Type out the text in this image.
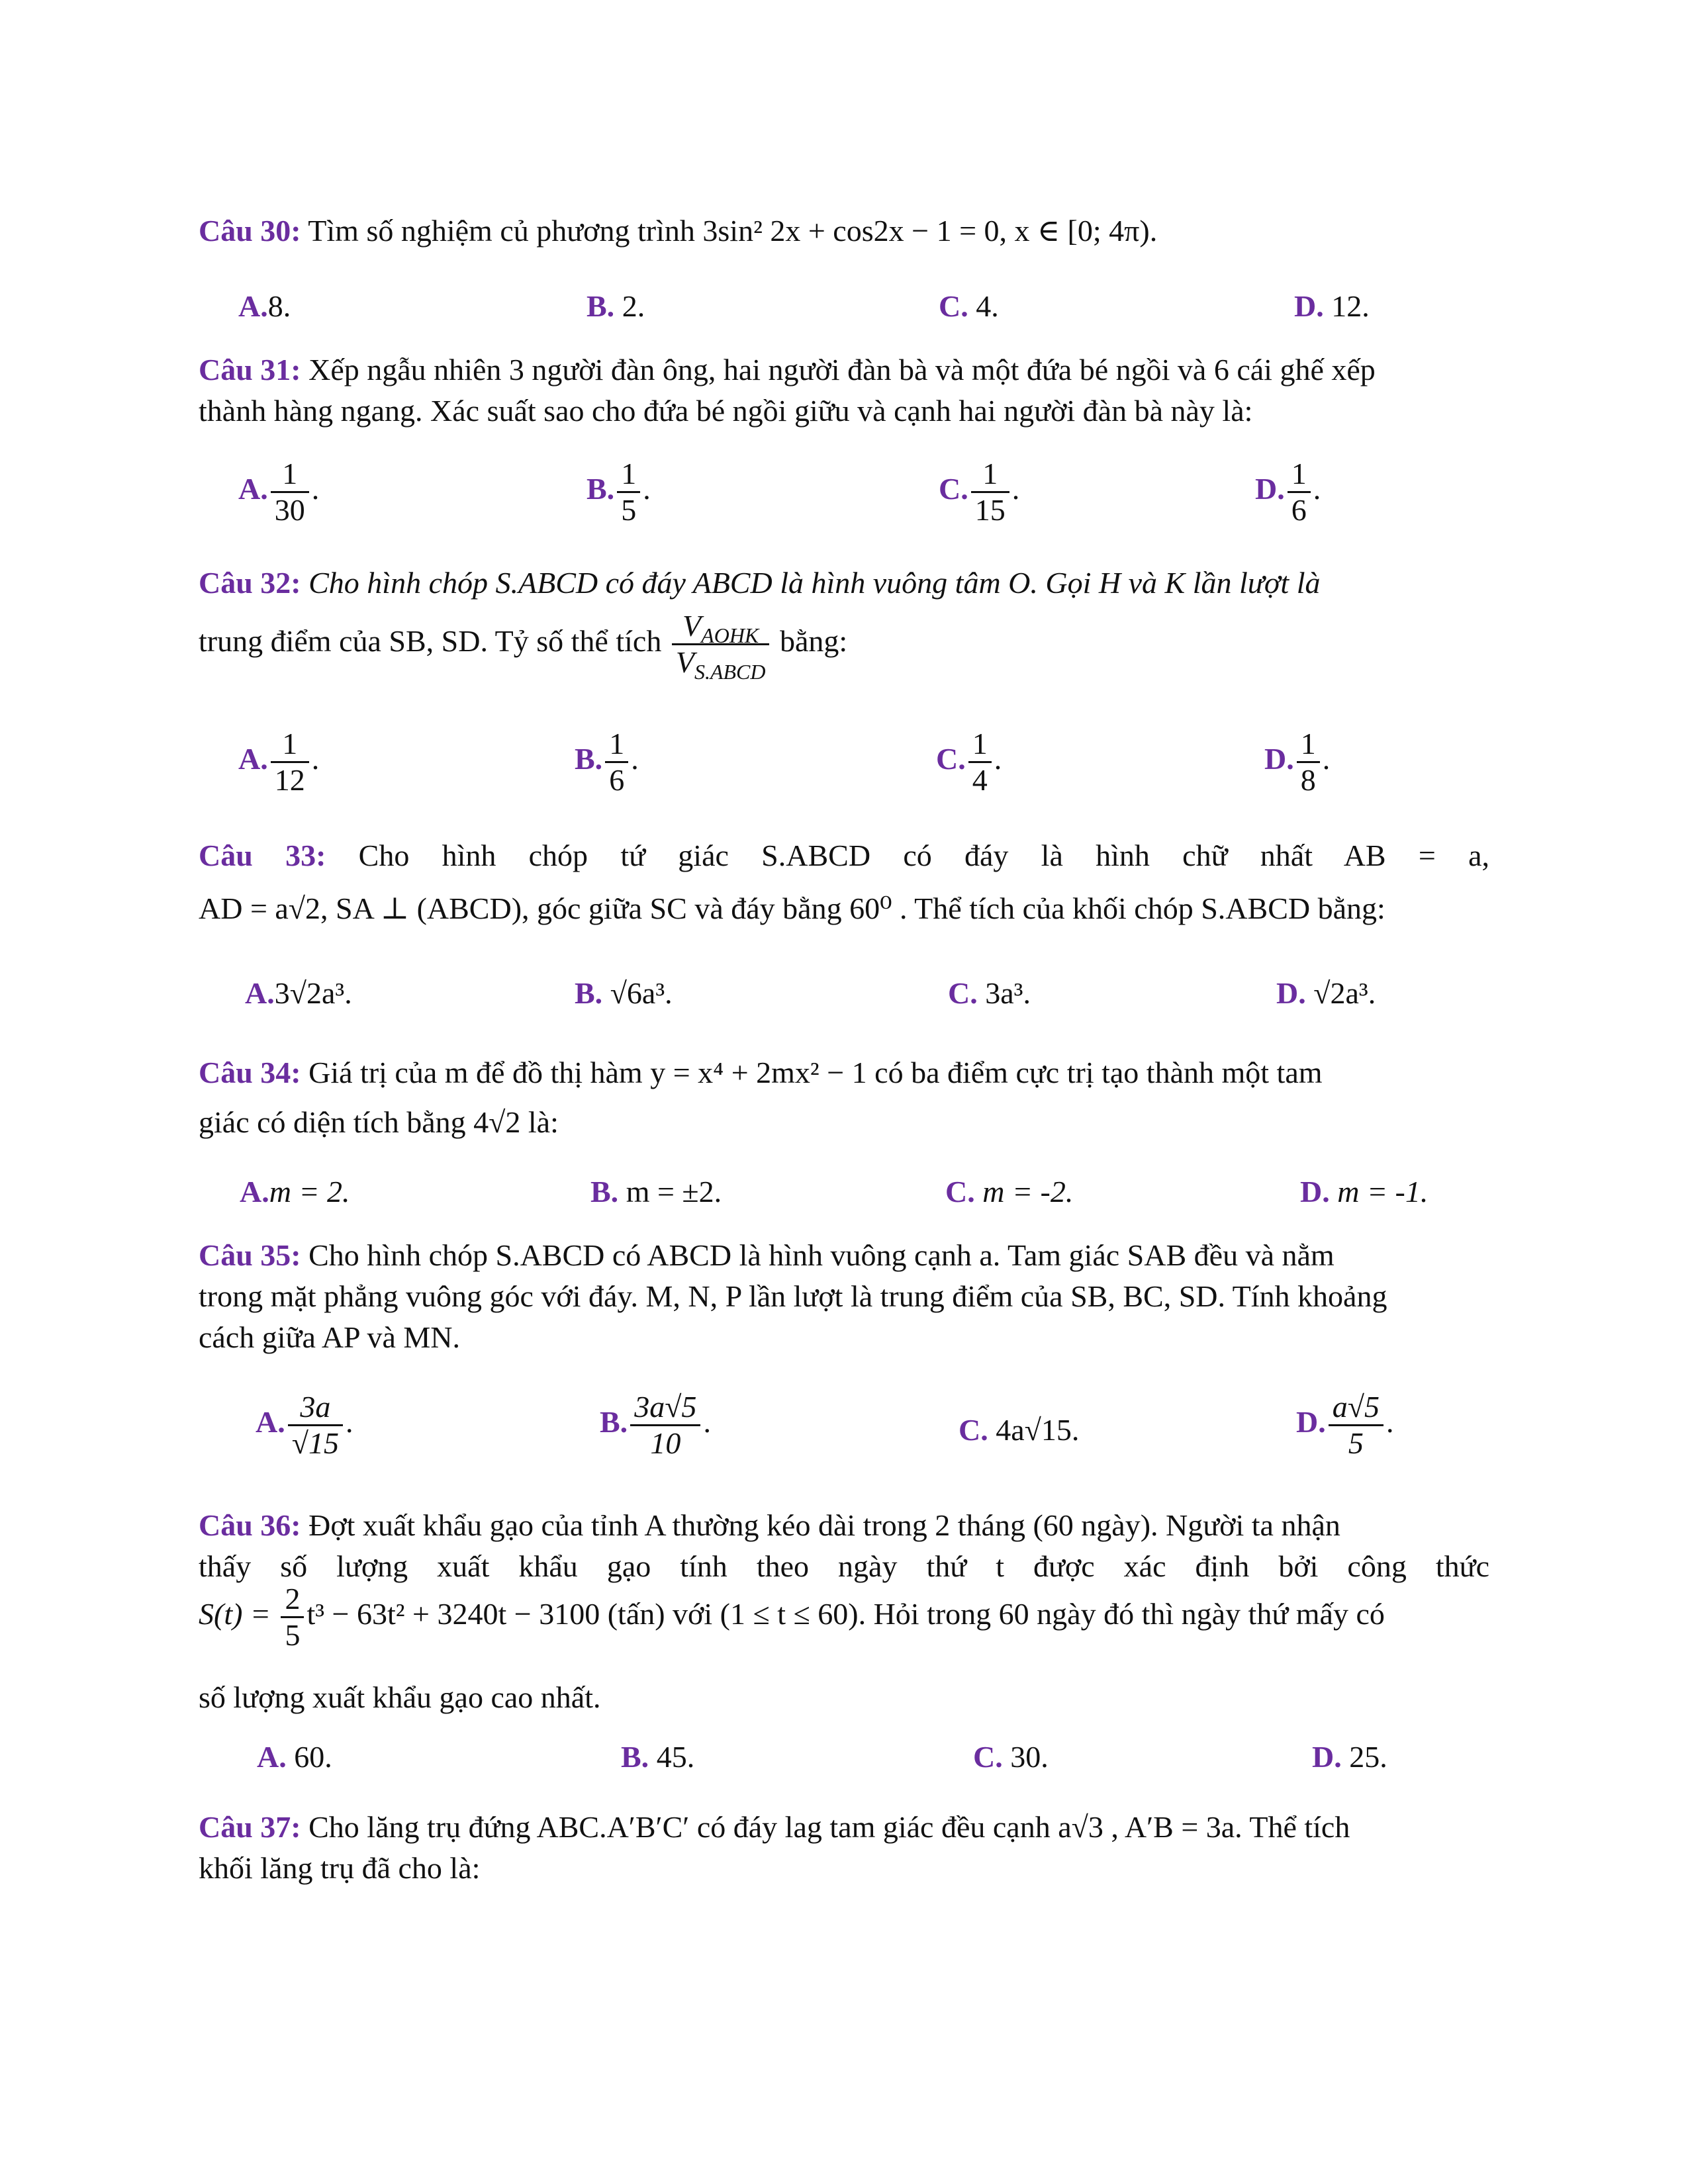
Câu 30: Tìm số nghiệm củ phương trình 3sin² 2x + cos2x − 1 = 0, x ∈ [0; 4π).
A.8.	B. 2.	C. 4.	D. 12.
Câu 31: Xếp ngẫu nhiên 3 người đàn ông, hai người đàn bà và một đứa bé ngồi và 6 cái ghế xếp
thành hàng ngang. Xác suất sao cho đứa bé ngồi giữu và cạnh hai người đàn bà này là:
A. $\frac{1}{30}$ .	B. $\frac{1}{5}$ .	C. $\frac{1}{15}$ .	D. $\frac{1}{6}$ .
Câu 32: Cho hình chóp S.ABCD có đáy ABCD là hình vuông tâm O. Gọi H và K lần lượt là
trung điểm của SB, SD. Tỷ số thể tích $\frac{V_{AOHK}}{V_{S.ABCD}}$ bằng:
A. $\frac{1}{12}$ .	B. $\frac{1}{6}$ .	C. $\frac{1}{4}$ .	D. $\frac{1}{8}$ .
Câu 33: Cho hình chóp tứ giác S.ABCD có đáy là hình chữ nhất AB = a,
AD = a√2, SA ⊥ (ABCD), góc giữa SC và đáy bằng 60⁰ . Thể tích của khối chóp S.ABCD bằng:
A.3√2a³.	B. √6a³.	C. 3a³.	D. √2a³.
Câu 34: Giá trị của m để đồ thị hàm y = x⁴ + 2mx² − 1 có ba điểm cực trị tạo thành một tam
giác có diện tích bằng 4√2 là:
A.m = 2.	B. m = ±2.	C. m = -2.	D. m = -1.
Câu 35: Cho hình chóp S.ABCD có ABCD là hình vuông cạnh a. Tam giác SAB đều và nằm
trong mặt phẳng vuông góc với đáy. M, N, P lần lượt là trung điểm của SB, BC, SD. Tính khoảng
cách giữa AP và MN.
A. $\frac{3a}{√15}$ .	B. $\frac{3a√5}{10}$ .	C. 4a√15.	D. $\frac{a√5}{5}$ .
Câu 36: Đợt xuất khẩu gạo của tỉnh A thường kéo dài trong 2 tháng (60 ngày). Người ta nhận

thấy số lượng xuất khẩu gạo tính theo ngày thứ t được xác định bởi công thức
$S(t) = \frac{2}{5} t^3 - 63t^2 + 3240t - 3100$ (tấn) với (1 ≤ t ≤ 60). Hỏi trong 60 ngày đó thì ngày thứ mấy có
số lượng xuất khẩu gạo cao nhất.
A. 60.	B. 45.	C. 30.	D. 25.
Câu 37: Cho lăng trụ đứng ABC.A′B′C′ có đáy lag tam giác đều cạnh a√3 , A′B = 3a. Thể tích
khối lăng trụ đã cho là:
